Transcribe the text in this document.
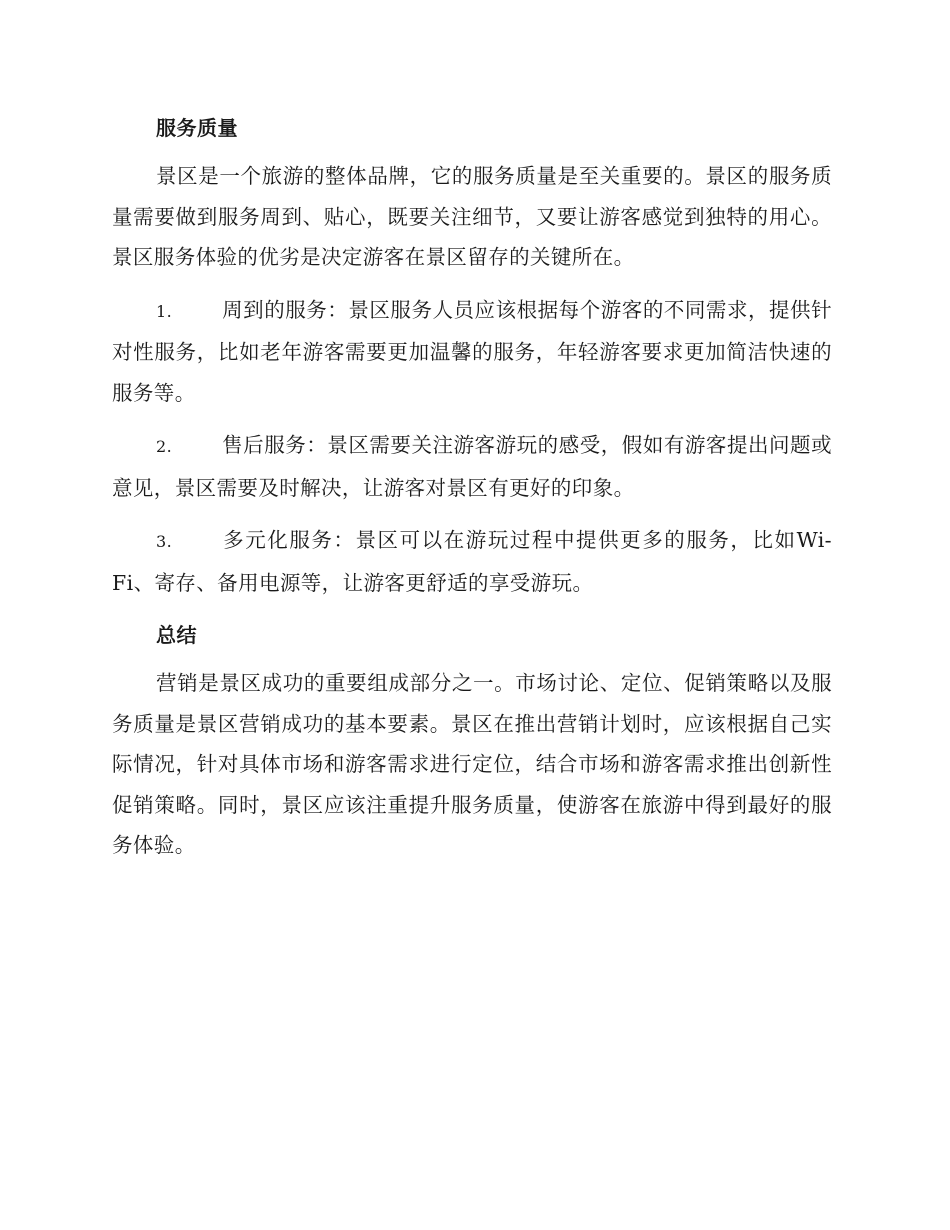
服务质量

景区是一个旅游的整体品牌，它的服务质量是至关重要的。景区的服务质量需要做到服务周到、贴心，既要关注细节，又要让游客感觉到独特的用心。景区服务体验的优劣是决定游客在景区留存的关键所在。

1. 周到的服务：景区服务人员应该根据每个游客的不同需求，提供针对性服务，比如老年游客需要更加温馨的服务，年轻游客要求更加简洁快速的服务等。
2. 售后服务：景区需要关注游客游玩的感受，假如有游客提出问题或意见，景区需要及时解决，让游客对景区有更好的印象。
3. 多元化服务：景区可以在游玩过程中提供更多的服务，比如Wi-Fi、寄存、备用电源等，让游客更舒适的享受游玩。
总结

营销是景区成功的重要组成部分之一。市场讨论、定位、促销策略以及服务质量是景区营销成功的基本要素。景区在推出营销计划时，应该根据自己实际情况，针对具体市场和游客需求进行定位，结合市场和游客需求推出创新性促销策略。同时，景区应该注重提升服务质量，使游客在旅游中得到最好的服务体验。
